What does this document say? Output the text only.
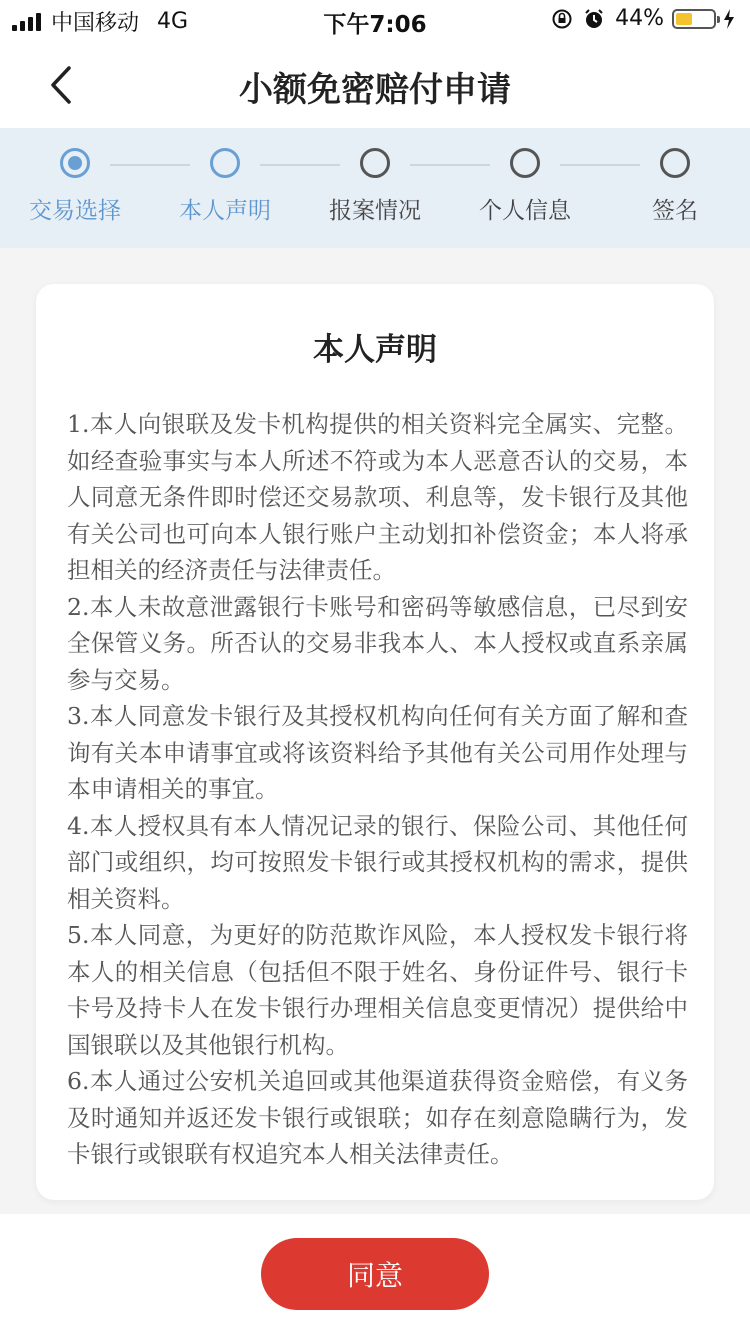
中国移动 4G	下午7:06	44%
小额免密赔付申请
交易选择	本人声明	报案情况	个人信息	签名
本人声明

1.本人向银联及发卡机构提供的相关资料完全属实、完整。如经查验事实与本人所述不符或为本人恶意否认的交易，本人同意无条件即时偿还交易款项、利息等，发卡银行及其他有关公司也可向本人银行账户主动划扣补偿资金；本人将承担相关的经济责任与法律责任。

2.本人未故意泄露银行卡账号和密码等敏感信息，已尽到安全保管义务。所否认的交易非我本人、本人授权或直系亲属参与交易。

3.本人同意发卡银行及其授权机构向任何有关方面了解和查询有关本申请事宜或将该资料给予其他有关公司用作处理与本申请相关的事宜。

4.本人授权具有本人情况记录的银行、保险公司、其他任何部门或组织，均可按照发卡银行或其授权机构的需求，提供相关资料。

5.本人同意，为更好的防范欺诈风险，本人授权发卡银行将本人的相关信息（包括但不限于姓名、身份证件号、银行卡卡号及持卡人在发卡银行办理相关信息变更情况）提供给中国银联以及其他银行机构。

6.本人通过公安机关追回或其他渠道获得资金赔偿，有义务及时通知并返还发卡银行或银联；如存在刻意隐瞒行为，发卡银行或银联有权追究本人相关法律责任。

同意
